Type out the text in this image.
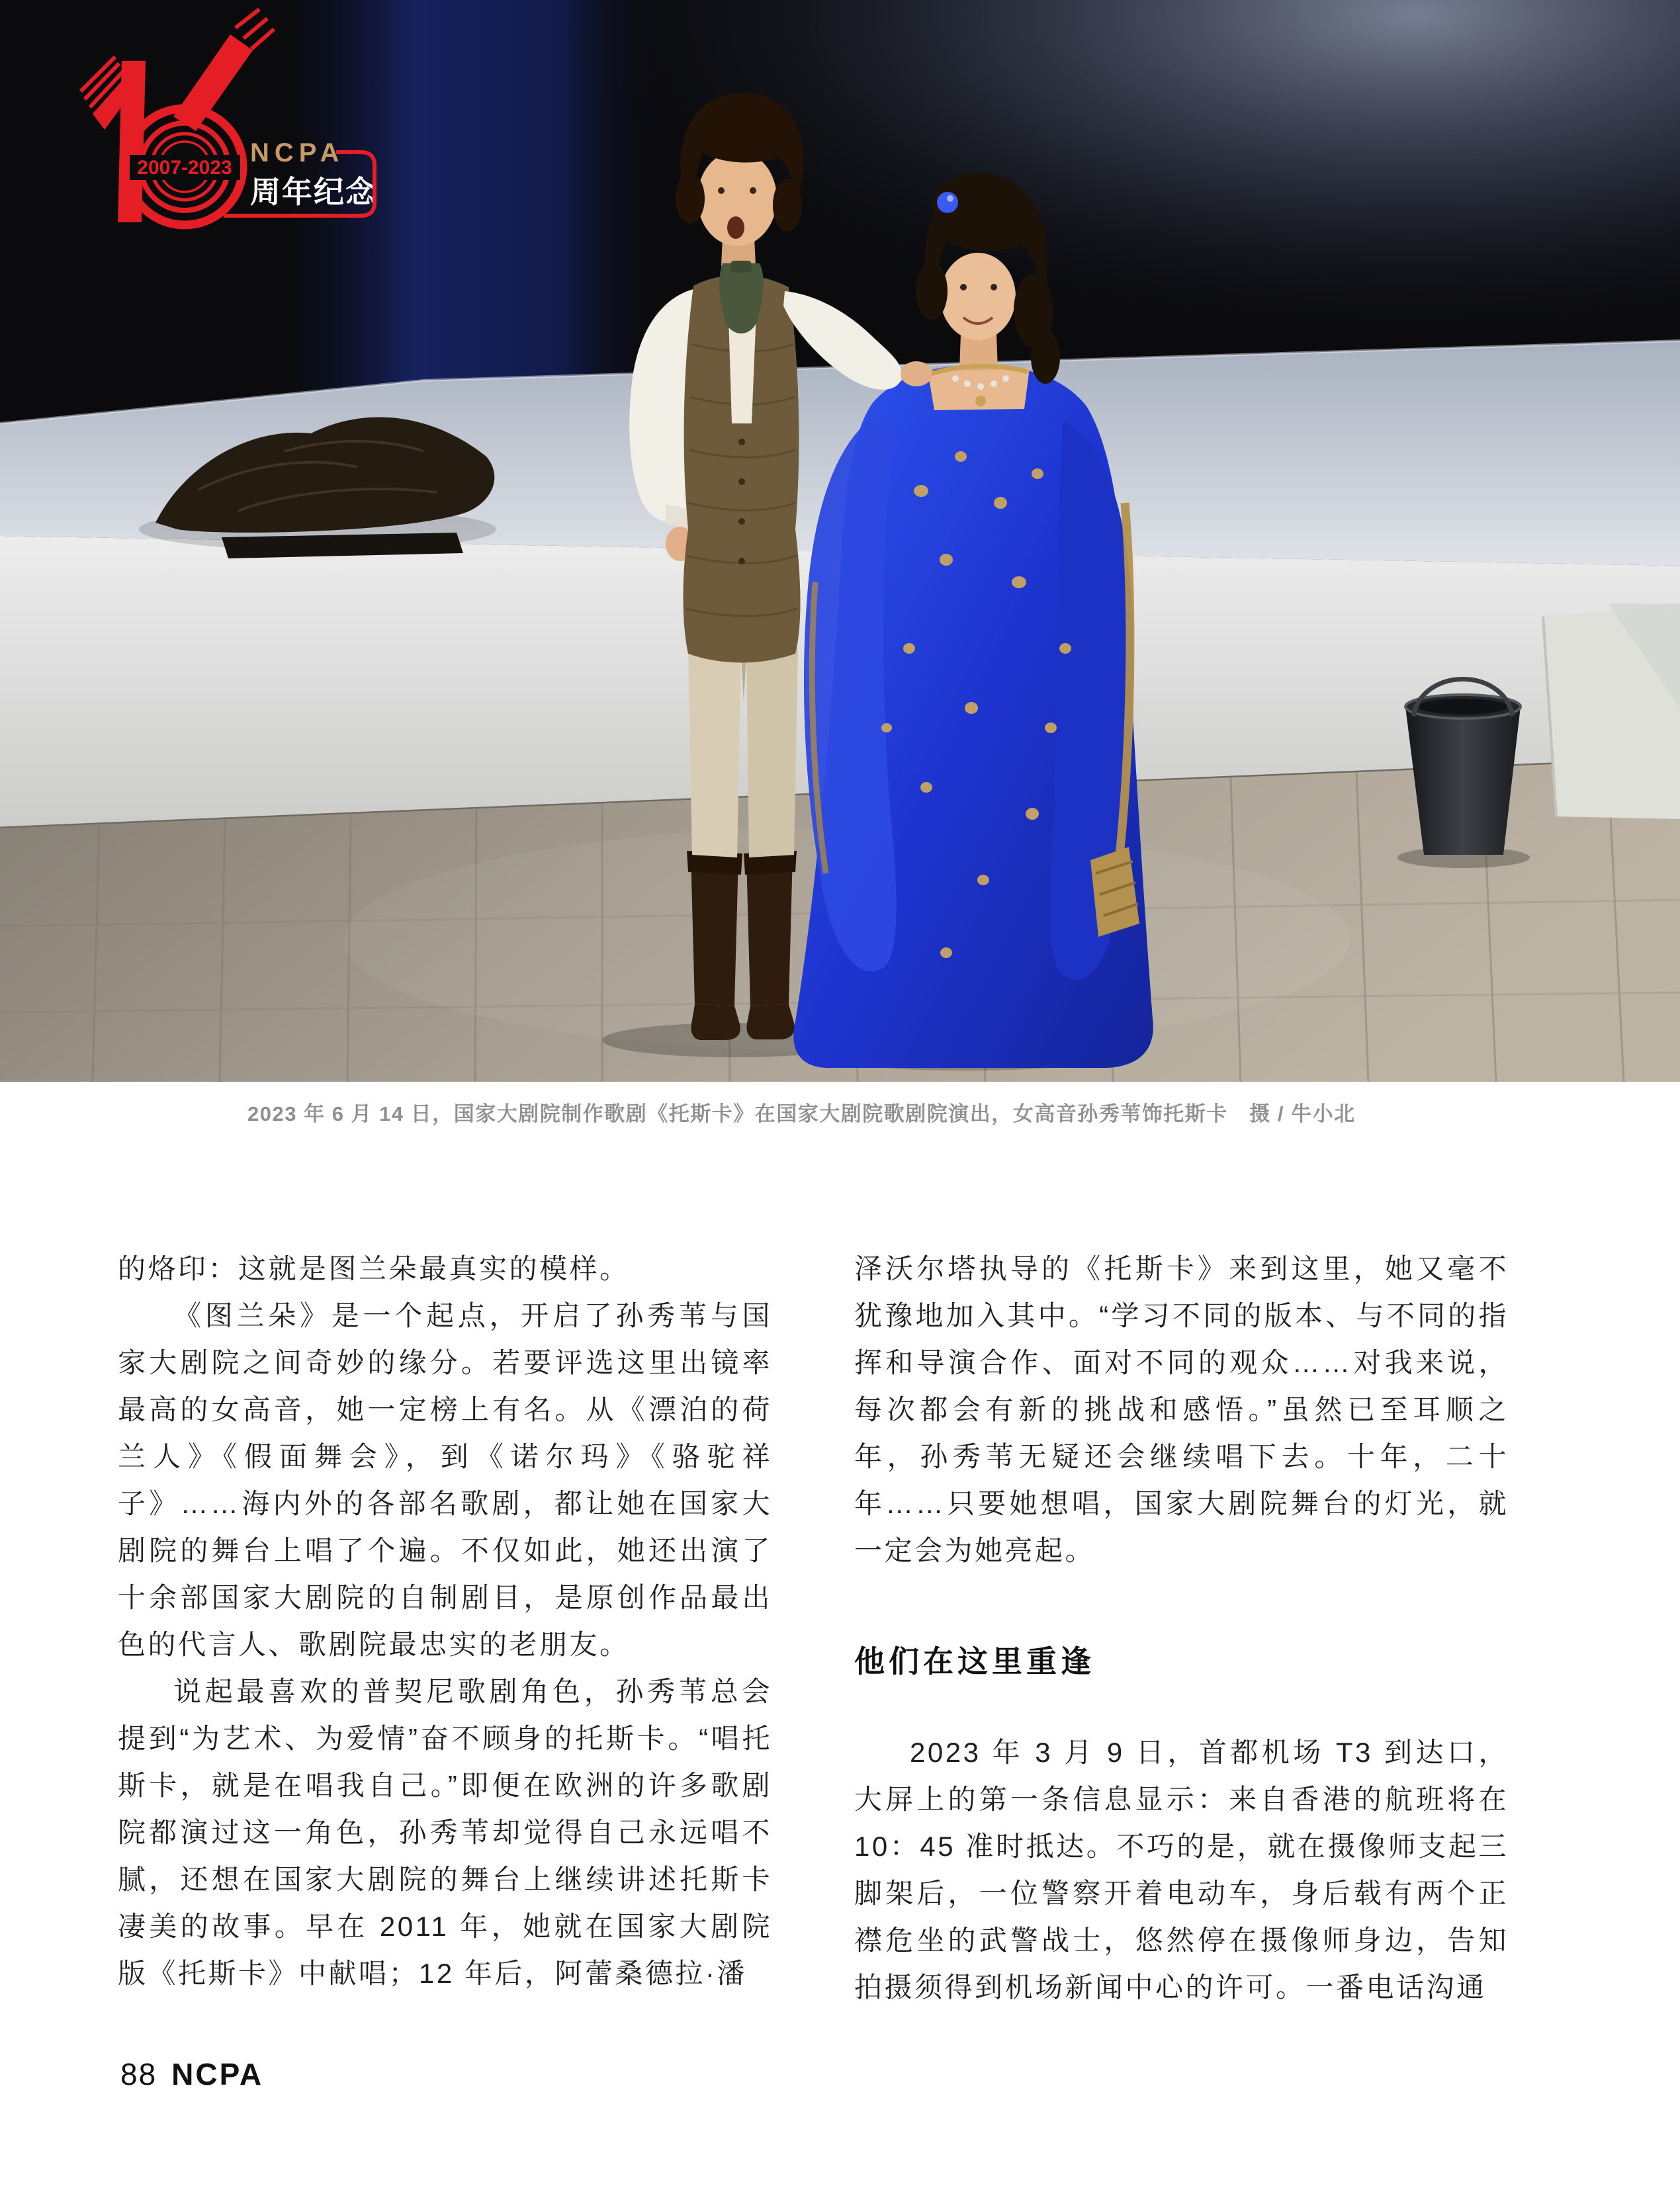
2007-2023
NCPA
周年纪念
2023 年 6 月 14 日，国家大剧院制作歌剧《托斯卡》在国家大剧院歌剧院演出，女高音孙秀苇饰托斯卡　摄 / 牛小北

的烙印：这就是图兰朵最真实的模样。

《图兰朵》是一个起点，开启了孙秀苇与国家大剧院之间奇妙的缘分。若要评选这里出镜率最高的女高音，她一定榜上有名。从《漂泊的荷兰人》《假面舞会》，到《诺尔玛》《骆驼祥子》……海内外的各部名歌剧，都让她在国家大剧院的舞台上唱了个遍。不仅如此，她还出演了十余部国家大剧院的自制剧目，是原创作品最出色的代言人、歌剧院最忠实的老朋友。

说起最喜欢的普契尼歌剧角色，孙秀苇总会提到“为艺术、为爱情”奋不顾身的托斯卡。“唱托斯卡，就是在唱我自己。”即便在欧洲的许多歌剧院都演过这一角色，孙秀苇却觉得自己永远唱不腻，还想在国家大剧院的舞台上继续讲述托斯卡凄美的故事。早在 2011 年，她就在国家大剧院版《托斯卡》中献唱；12 年后，阿蕾桑德拉·潘

泽沃尔塔执导的《托斯卡》来到这里，她又毫不犹豫地加入其中。“学习不同的版本、与不同的指挥和导演合作、面对不同的观众……对我来说，每次都会有新的挑战和感悟。”虽然已至耳顺之年，孙秀苇无疑还会继续唱下去。十年，二十年……只要她想唱，国家大剧院舞台的灯光，就一定会为她亮起。

他们在这里重逢

2023 年 3 月 9 日，首都机场 T3 到达口，大屏上的第一条信息显示：来自香港的航班将在 10：45 准时抵达。不巧的是，就在摄像师支起三脚架后，一位警察开着电动车，身后载有两个正襟危坐的武警战士，悠然停在摄像师身边，告知拍摄须得到机场新闻中心的许可。一番电话沟通

88 NCPA
